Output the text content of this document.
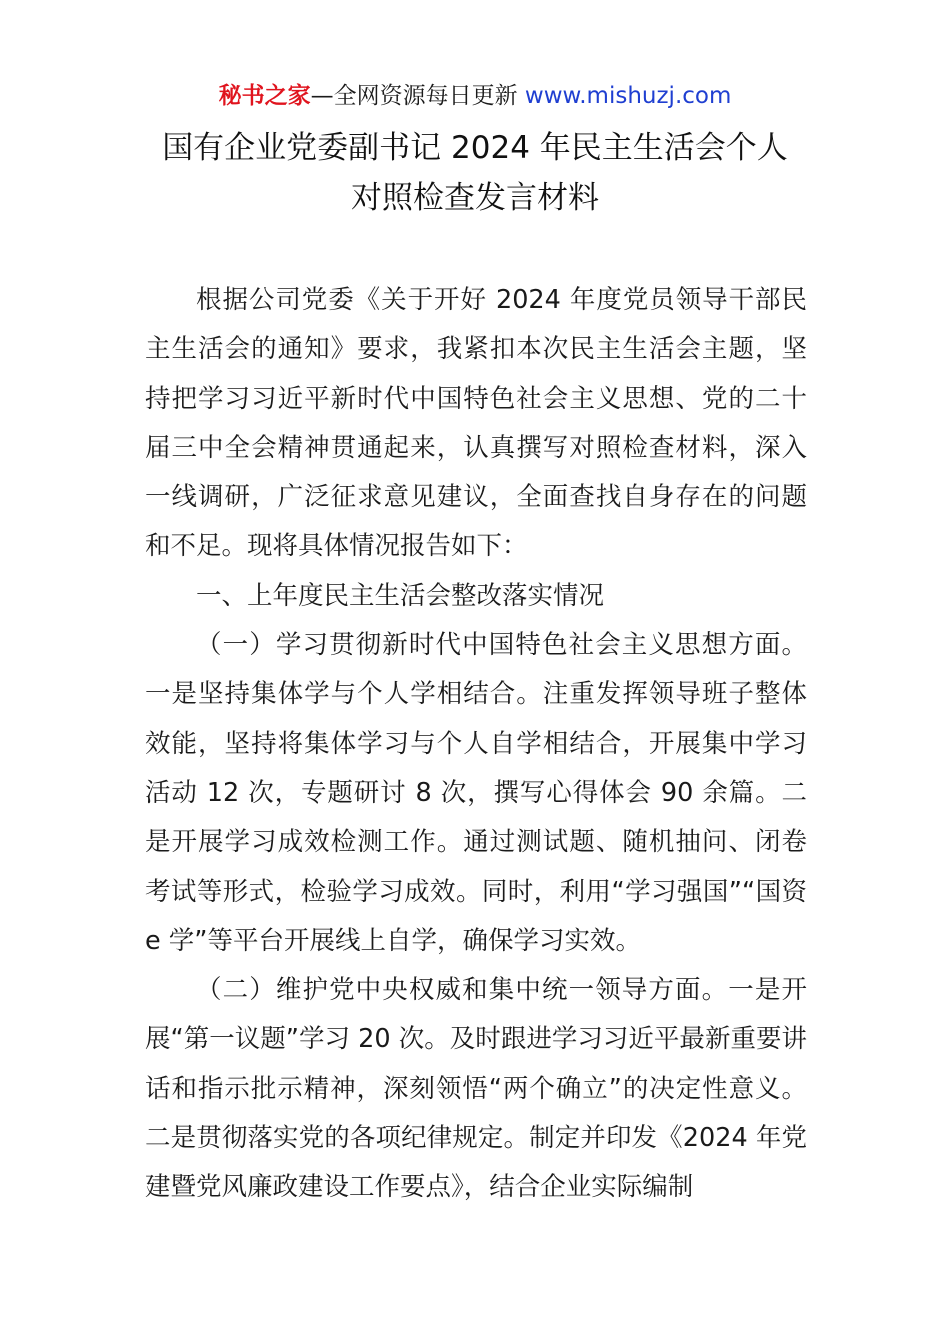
秘书之家—全网资源每日更新 www.mishuzj.com
国有企业党委副书记 2024 年民主生活会个人
对照检查发言材料

根据公司党委《关于开好 2024 年度党员领导干部民主生活会的通知》要求，我紧扣本次民主生活会主题，坚持把学习习近平新时代中国特色社会主义思想、党的二十届三中全会精神贯通起来，认真撰写对照检查材料，深入一线调研，广泛征求意见建议，全面查找自身存在的问题和不足。现将具体情况报告如下：

一、上年度民主生活会整改落实情况

（一）学习贯彻新时代中国特色社会主义思想方面。一是坚持集体学与个人学相结合。注重发挥领导班子整体效能，坚持将集体学习与个人自学相结合，开展集中学习活动 12 次，专题研讨 8 次，撰写心得体会 90 余篇。二是开展学习成效检测工作。通过测试题、随机抽问、闭卷考试等形式，检验学习成效。同时，利用“学习强国”“国资 e 学”等平台开展线上自学，确保学习实效。

（二）维护党中央权威和集中统一领导方面。一是开展“第一议题”学习 20 次。及时跟进学习习近平最新重要讲话和指示批示精神，深刻领悟“两个确立”的决定性意义。二是贯彻落实党的各项纪律规定。制定并印发《2024 年党建暨党风廉政建设工作要点》，结合企业实际编制
